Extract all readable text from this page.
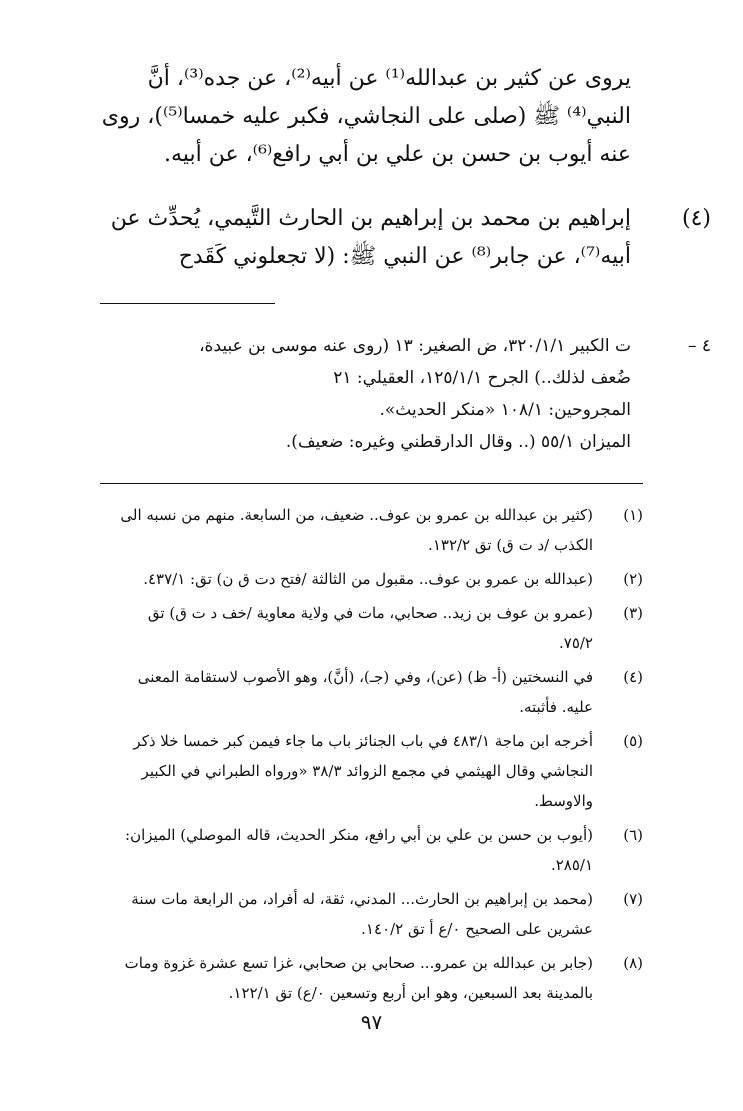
يروى عن كثير بن عبدالله⁽¹⁾ عن أبيه⁽²⁾، عن جده⁽³⁾، أنَّ
النبي⁽⁴⁾ ﷺ (صلى على النجاشي، فكبر عليه خمسا⁽⁵⁾)، روى
عنه أيوب بن حسن بن علي بن أبي رافع⁽⁶⁾، عن أبيه.
(٤)
إبراهيم بن محمد بن إبراهيم بن الحارث التَّيمي، يُحدِّث عن
أبيه⁽⁷⁾، عن جابر⁽⁸⁾ عن النبي ﷺ: (لا تجعلوني كَقَدح
٤ –
ت الكبير ٣٢٠/١/١، ض الصغير: ١٣ (روى عنه موسى بن عبيدة،
ضُعف لذلك..) الجرح ١٢٥/١/١، العقيلي: ٢١
المجروحين: ١٠٨/١ «منكر الحديث».
الميزان ٥٥/١ (.. وقال الدارقطني وغيره: ضعيف).
(١)
(كثير بن عبدالله بن عمرو بن عوف.. ضعيف، من السابعة. منهم من نسبه الى
الكذب /د ت ق) تق ١٣٢/٢.
(٢)
(عبدالله بن عمرو بن عوف.. مقبول من الثالثة /فتح دت ق ن) تق: ٤٣٧/١.
(٣)
(عمرو بن عوف بن زيد.. صحابي، مات في ولاية معاوية /خف د ت ق) تق
٧٥/٢.
(٤)
في النسختين (أ- ظ) (عن)، وفي (جـ)، (أنَّ)، وهو الأصوب لاستقامة المعنى
عليه. فأثبته.
(٥)
أخرجه ابن ماجة ٤٨٣/١ في باب الجنائز باب ما جاء فيمن كبر خمسا خلا ذكر
النجاشي وقال الهيثمي في مجمع الزوائد ٣٨/٣ «ورواه الطبراني في الكبير
والاوسط.
(٦)
(أيوب بن حسن بن علي بن أبي رافع، منكر الحديث، قاله الموصلي) الميزان:
٢٨٥/١.
(٧)
(محمد بن إبراهيم بن الحارث... المدني، ثقة، له أفراد، من الرابعة مات سنة
عشرين على الصحيح ٠/ع أ تق ١٤٠/٢.
(٨)
(جابر بن عبدالله بن عمرو... صحابي بن صحابي، غزا تسع عشرة غزوة ومات
بالمدينة بعد السبعين، وهو ابن أربع وتسعين ٠/ع) تق ١٢٢/١.
٩٧
